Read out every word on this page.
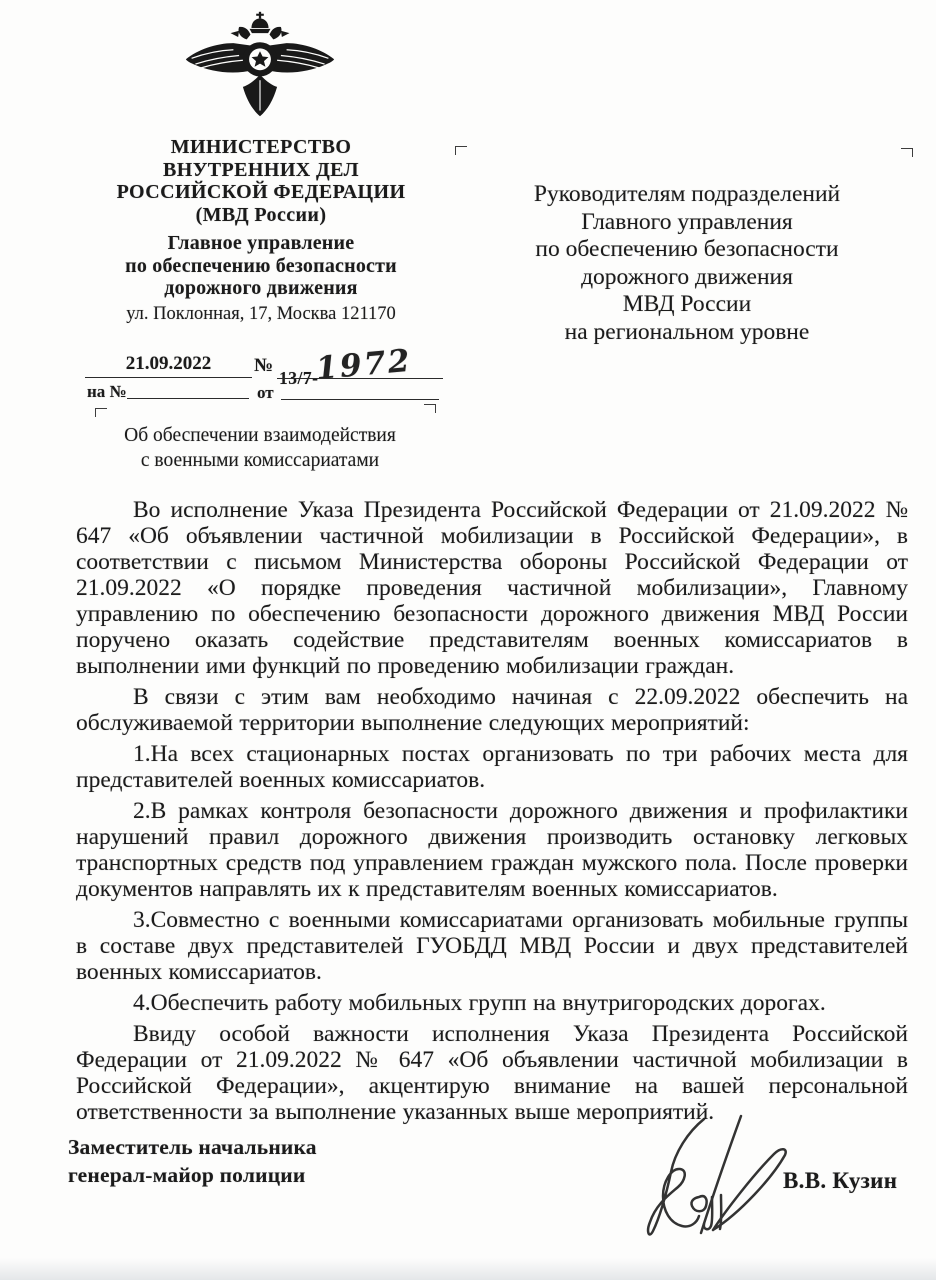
МИНИСТЕРСТВО
ВНУТРЕННИХ ДЕЛ
РОССИЙСКОЙ ФЕДЕРАЦИИ
(МВД России)
Главное управление
по обеспечению безопасности
дорожного движения
ул. Поклонная, 17, Москва 121170
Руководителям подразделений
Главного управления
по обеспечению безопасности
дорожного движения
МВД России
на региональном уровне
21.09.2022	№
13/7-1972
на №	от
Об обеспечении взаимодействия
с военными комиссариатами

Во исполнение Указа Президента Российской Федерации от 21.09.2022 № 647 «Об объявлении частичной мобилизации в Российской Федерации», в соответствии с письмом Министерства обороны Российской Федерации от 21.09.2022 «О порядке проведения частичной мобилизации», Главному управлению по обеспечению безопасности дорожного движения МВД России поручено оказать содействие представителям военных комиссариатов в выполнении ими функций по проведению мобилизации граждан.

В связи с этим вам необходимо начиная с 22.09.2022 обеспечить на обслуживаемой территории выполнение следующих мероприятий:

1.На всех стационарных постах организовать по три рабочих места для представителей военных комиссариатов.

2.В рамках контроля безопасности дорожного движения и профилактики нарушений правил дорожного движения производить остановку легковых транспортных средств под управлением граждан мужского пола. После проверки документов направлять их к представителям военных комиссариатов.

3.Совместно с военными комиссариатами организовать мобильные группы в составе двух представителей ГУОБДД МВД России и двух представителей военных комиссариатов.

4.Обеспечить работу мобильных групп на внутригородских дорогах.

Ввиду особой важности исполнения Указа Президента Российской Федерации от 21.09.2022 № 647 «Об объявлении частичной мобилизации в Российской Федерации», акцентирую внимание на вашей персональной ответственности за выполнение указанных выше мероприятий.

Заместитель начальника
генерал-майор полиции	В.В. Кузин
